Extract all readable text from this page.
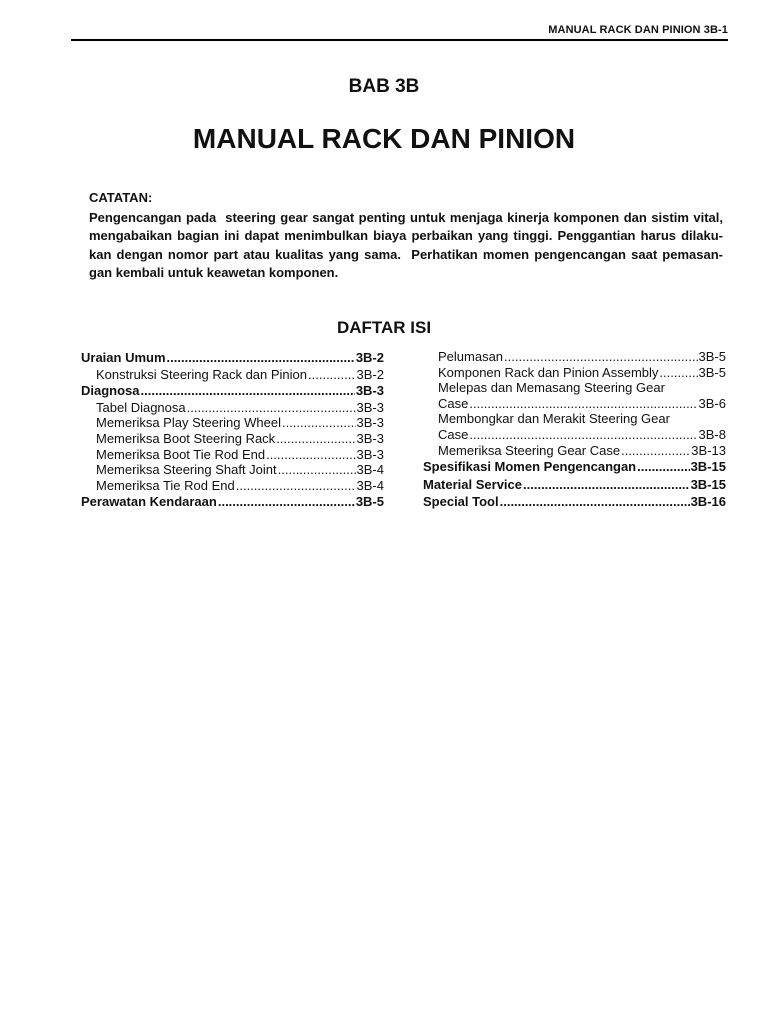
MANUAL RACK DAN PINION 3B-1
BAB 3B
MANUAL RACK DAN PINION
CATATAN:
Pengencangan pada  steering gear sangat penting untuk menjaga kinerja komponen dan sistim vital,
mengabaikan bagian ini dapat menimbulkan biaya perbaikan yang tinggi. Penggantian harus dilaku-
kan dengan nomor part atau kualitas yang sama.  Perhatikan momen pengencangan saat pemasan-
gan kembali untuk keawetan komponen.
DAFTAR ISI
Uraian Umum .....	3B-2
Konstruksi Steering Rack dan Pinion .....	3B-2
Diagnosa .....	3B-3
Tabel Diagnosa .....	3B-3
Memeriksa Play Steering Wheel .....	3B-3
Memeriksa Boot Steering Rack .....	3B-3
Memeriksa Boot Tie Rod End .....	3B-3
Memeriksa Steering Shaft Joint .....	3B-4
Memeriksa Tie Rod End .....	3B-4
Perawatan Kendaraan .....	3B-5
Pelumasan .....	3B-5
Komponen Rack dan Pinion Assembly .....	3B-5
Melepas dan Memasang Steering Gear
Case .....	3B-6
Membongkar dan Merakit Steering Gear
Case .....	3B-8
Memeriksa Steering Gear Case .....	3B-13
Spesifikasi Momen Pengencangan .....	3B-15
Material Service .....	3B-15
Special Tool .....	3B-16
